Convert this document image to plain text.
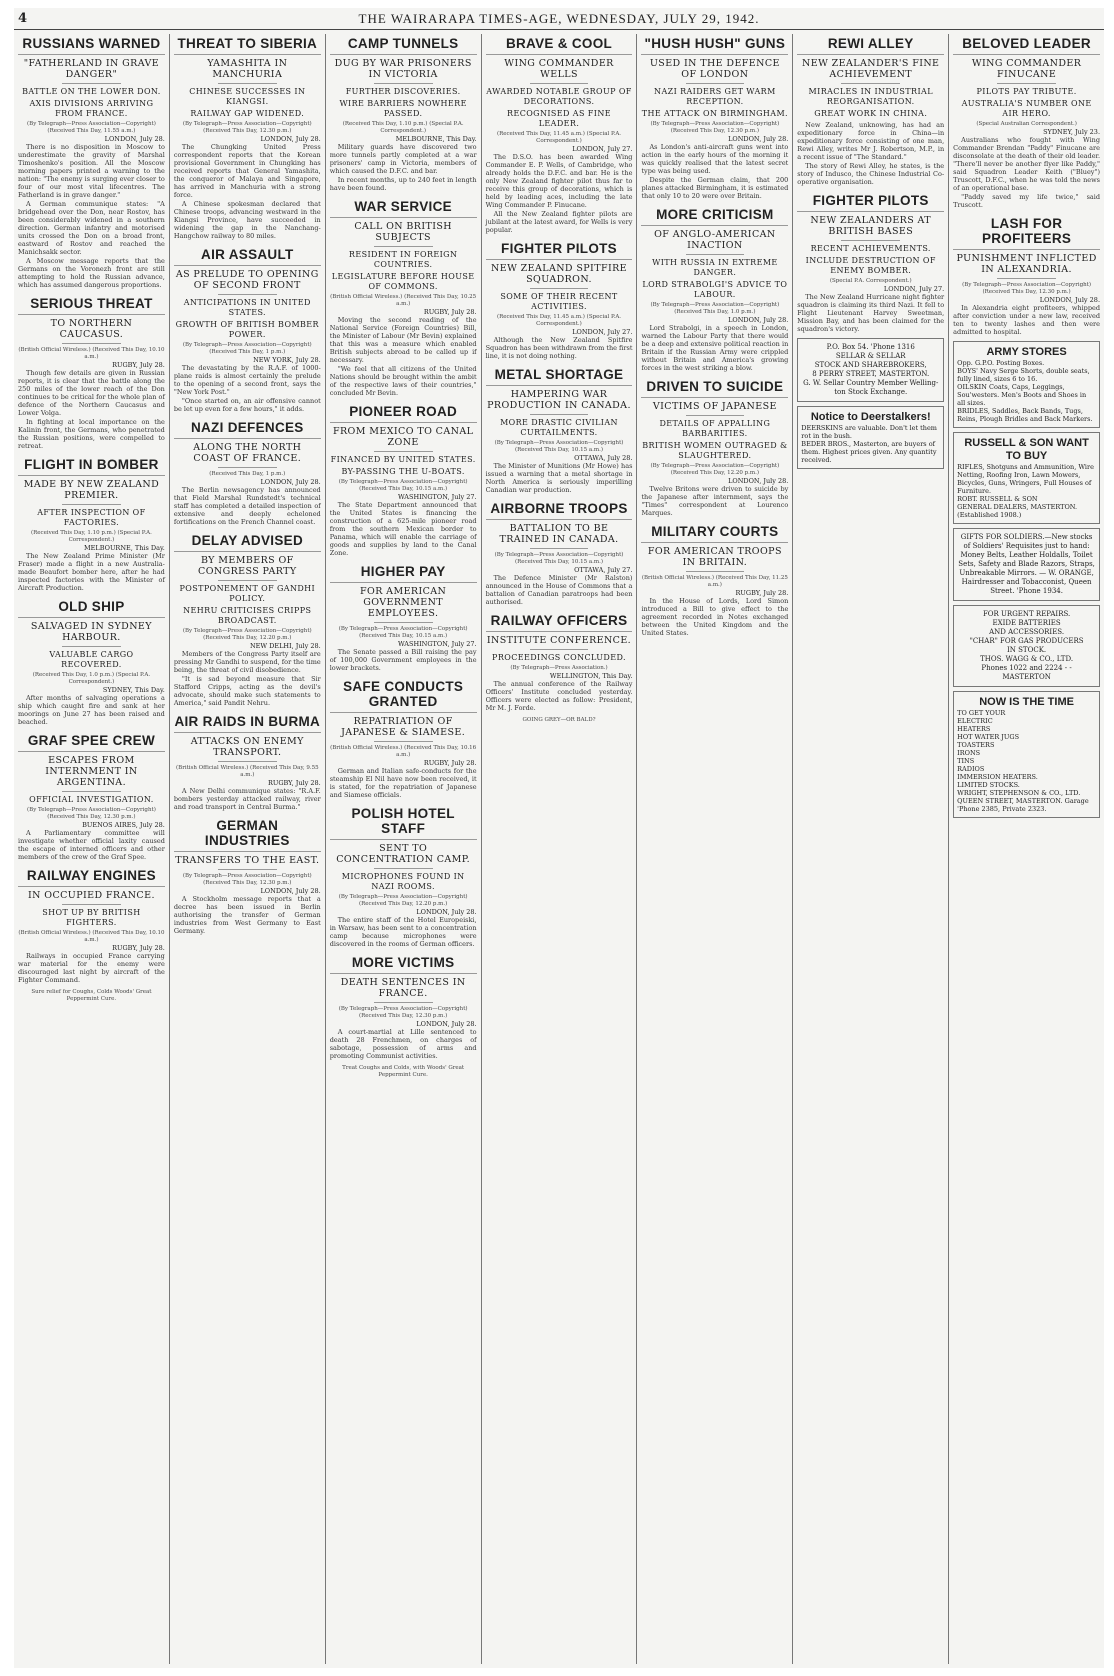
4	THE WAIRARAPA TIMES-AGE, WEDNESDAY, JULY 29, 1942.
RUSSIANS WARNED
"FATHERLAND IN GRAVE DANGER"
BATTLE ON THE LOWER DON.
AXIS DIVISIONS ARRIVING FROM FRANCE.
(By Telegraph—Press Association—Copyright) (Received This Day, 11.55 a.m.)
LONDON, July 28.

There is no disposition in Moscow to underestimate the gravity of Marshal Timoshenko's position. All the Moscow morning papers printed a warning to the nation: "The enemy is surging ever closer to four of our most vital lifecentres. The Fatherland is in grave danger."

A German communique states: "A bridgehead over the Don, near Rostov, has been considerably widened in a southern direction. German infantry and motorised units crossed the Don on a broad front, eastward of Rostov and reached the Manichsakk sector.

A Moscow message reports that the Germans on the Voronezh front are still attempting to hold the Russian advance, which has assumed dangerous proportions.

SERIOUS THREAT
TO NORTHERN CAUCASUS.
(British Official Wireless.) (Received This Day, 10.10 a.m.)
RUGBY, July 28.

Though few details are given in Russian reports, it is clear that the battle along the 250 miles of the lower reach of the Don continues to be critical for the whole plan of defence of the Northern Caucasus and Lower Volga.

In fighting at local importance on the Kalinin front, the Germans, who penetrated the Russian positions, were compelled to retreat.

FLIGHT IN BOMBER
MADE BY NEW ZEALAND PREMIER.
AFTER INSPECTION OF FACTORIES.
(Received This Day, 1.10 p.m.) (Special P.A. Correspondent.)
MELBOURNE, This Day.

The New Zealand Prime Minister (Mr Fraser) made a flight in a new Australia-made Beaufort bomber here, after he had inspected factories with the Minister of Aircraft Production.

OLD SHIP
SALVAGED IN SYDNEY HARBOUR.
VALUABLE CARGO RECOVERED.
(Received This Day, 1.0 p.m.) (Special P.A. Correspondent.)
SYDNEY, This Day.

After months of salvaging operations a ship which caught fire and sank at her moorings on June 27 has been raised and beached.

GRAF SPEE CREW
ESCAPES FROM INTERNMENT IN ARGENTINA.
OFFICIAL INVESTIGATION.
(By Telegraph—Press Association—Copyright) (Received This Day, 12.30 p.m.)
BUENOS AIRES, July 28.

A Parliamentary committee will investigate whether official laxity caused the escape of interned officers and other members of the crew of the Graf Spee.

RAILWAY ENGINES
IN OCCUPIED FRANCE.
SHOT UP BY BRITISH FIGHTERS.
(British Official Wireless.) (Received This Day, 10.10 a.m.)
RUGBY, July 28.

Railways in occupied France carrying war material for the enemy were discouraged last night by aircraft of the Fighter Command.

Sure relief for Coughs, Colds Woods' Great Peppermint Cure.
THREAT TO SIBERIA
YAMASHITA IN MANCHURIA
CHINESE SUCCESSES IN KIANGSI.
RAILWAY GAP WIDENED.
(By Telegraph—Press Association—Copyright) (Received This Day, 12.30 p.m.)
LONDON, July 28.

The Chungking United Press correspondent reports that the Korean provisional Government in Chungking has received reports that General Yamashita, the conqueror of Malaya and Singapore, has arrived in Manchuria with a strong force.

A Chinese spokesman declared that Chinese troops, advancing westward in the Kiangsi Province, have succeeded in widening the gap in the Nanchang-Hangchow railway to 80 miles.

AIR ASSAULT
AS PRELUDE TO OPENING OF SECOND FRONT
ANTICIPATIONS IN UNITED STATES.
GROWTH OF BRITISH BOMBER POWER.
(By Telegraph—Press Association—Copyright) (Received This Day, 1 p.m.)
NEW YORK, July 28.

The devastating by the R.A.F. of 1000-plane raids is almost certainly the prelude to the opening of a second front, says the "New York Post."

"Once started on, an air offensive cannot be let up even for a few hours," it adds.

NAZI DEFENCES
ALONG THE NORTH COAST OF FRANCE.
(Received This Day, 1 p.m.)
LONDON, July 28.

The Berlin newsagency has announced that Field Marshal Rundstedt's technical staff has completed a detailed inspection of extensive and deeply echeloned fortifications on the French Channel coast.

DELAY ADVISED
BY MEMBERS OF CONGRESS PARTY
POSTPONEMENT OF GANDHI POLICY.
NEHRU CRITICISES CRIPPS BROADCAST.
(By Telegraph—Press Association—Copyright) (Received This Day, 12.20 p.m.)
NEW DELHI, July 28.

Members of the Congress Party itself are pressing Mr Gandhi to suspend, for the time being, the threat of civil disobedience.

"It is sad beyond measure that Sir Stafford Cripps, acting as the devil's advocate, should make such statements to America," said Pandit Nehru.

AIR RAIDS IN BURMA
ATTACKS ON ENEMY TRANSPORT.
(British Official Wireless.) (Received This Day, 9.55 a.m.)
RUGBY, July 28.

A New Delhi communique states: "R.A.F. bombers yesterday attacked railway, river and road transport in Central Burma."

GERMAN INDUSTRIES
TRANSFERS TO THE EAST.
(By Telegraph—Press Association—Copyright) (Received This Day, 12.30 p.m.)
LONDON, July 28.

A Stockholm message reports that a decree has been issued in Berlin authorising the transfer of German industries from West Germany to East Germany.

CAMP TUNNELS
DUG BY WAR PRISONERS IN VICTORIA
FURTHER DISCOVERIES.
WIRE BARRIERS NOWHERE PASSED.
(Received This Day, 1.10 p.m.) (Special P.A. Correspondent.)
MELBOURNE, This Day.

Military guards have discovered two more tunnels partly completed at a war prisoners' camp in Victoria, members of which caused the D.F.C. and bar.

In recent months, up to 240 feet in length have been found.

WAR SERVICE
CALL ON BRITISH SUBJECTS
RESIDENT IN FOREIGN COUNTRIES.
LEGISLATURE BEFORE HOUSE OF COMMONS.
(British Official Wireless.) (Received This Day, 10.25 a.m.)
RUGBY, July 28.

Moving the second reading of the National Service (Foreign Countries) Bill, the Minister of Labour (Mr Bevin) explained that this was a measure which enabled British subjects abroad to be called up if necessary.

"We feel that all citizens of the United Nations should be brought within the ambit of the respective laws of their countries," concluded Mr Bevin.

PIONEER ROAD
FROM MEXICO TO CANAL ZONE
FINANCED BY UNITED STATES.
BY-PASSING THE U-BOATS.
(By Telegraph—Press Association—Copyright) (Received This Day, 10.15 a.m.)
WASHINGTON, July 27.

The State Department announced that the United States is financing the construction of a 625-mile pioneer road from the southern Mexican border to Panama, which will enable the carriage of goods and supplies by land to the Canal Zone.

HIGHER PAY
FOR AMERICAN GOVERNMENT EMPLOYEES.
(By Telegraph—Press Association—Copyright) (Received This Day, 10.15 a.m.)
WASHINGTON, July 27.

The Senate passed a Bill raising the pay of 100,000 Government employees in the lower brackets.

SAFE CONDUCTS GRANTED
REPATRIATION OF JAPANESE & SIAMESE.
(British Official Wireless.) (Received This Day, 10.16 a.m.)
RUGBY, July 28.

German and Italian safe-conducts for the steamship El Nil have now been received, it is stated, for the repatriation of Japanese and Siamese officials.

POLISH HOTEL STAFF
SENT TO CONCENTRATION CAMP.
MICROPHONES FOUND IN NAZI ROOMS.
(By Telegraph—Press Association—Copyright) (Received This Day, 12.20 p.m.)
LONDON, July 28.

The entire staff of the Hotel Europeiski, in Warsaw, has been sent to a concentration camp because microphones were discovered in the rooms of German officers.

MORE VICTIMS
DEATH SENTENCES IN FRANCE.
(By Telegraph—Press Association—Copyright) (Received This Day, 12.30 p.m.)
LONDON, July 28.

A court-martial at Lille sentenced to death 28 Frenchmen, on charges of sabotage, possession of arms and promoting Communist activities.

Treat Coughs and Colds, with Woods' Great Peppermint Cure.
BRAVE & COOL
WING COMMANDER WELLS
AWARDED NOTABLE GROUP OF DECORATIONS.
RECOGNISED AS FINE LEADER.
(Received This Day, 11.45 a.m.) (Special P.A. Correspondent.)
LONDON, July 27.

The D.S.O. has been awarded Wing Commander E. P. Wells, of Cambridge, who already holds the D.F.C. and bar. He is the only New Zealand fighter pilot thus far to receive this group of decorations, which is held by leading aces, including the late Wing Commander P. Finucane.

All the New Zealand fighter pilots are jubilant at the latest award, for Wells is very popular.

FIGHTER PILOTS
NEW ZEALAND SPITFIRE SQUADRON.
SOME OF THEIR RECENT ACTIVITIES.
(Received This Day, 11.45 a.m.) (Special P.A. Correspondent.)
LONDON, July 27.

Although the New Zealand Spitfire Squadron has been withdrawn from the first line, it is not doing nothing.

METAL SHORTAGE
HAMPERING WAR PRODUCTION IN CANADA.
MORE DRASTIC CIVILIAN CURTAILMENTS.
(By Telegraph—Press Association—Copyright) (Received This Day, 10.15 a.m.)
OTTAWA, July 28.

The Minister of Munitions (Mr Howe) has issued a warning that a metal shortage in North America is seriously imperilling Canadian war production.

AIRBORNE TROOPS
BATTALION TO BE TRAINED IN CANADA.
(By Telegraph—Press Association—Copyright) (Received This Day, 10.15 a.m.)
OTTAWA, July 27.

The Defence Minister (Mr Ralston) announced in the House of Commons that a battalion of Canadian paratroops had been authorised.

RAILWAY OFFICERS
INSTITUTE CONFERENCE.
PROCEEDINGS CONCLUDED.
(By Telegraph—Press Association.)
WELLINGTON, This Day.

The annual conference of the Railway Officers' Institute concluded yesterday. Officers were elected as follow: President, Mr M. J. Forde.

GOING GREY—OR BALD?
"HUSH HUSH" GUNS
USED IN THE DEFENCE OF LONDON
NAZI RAIDERS GET WARM RECEPTION.
THE ATTACK ON BIRMINGHAM.
(By Telegraph—Press Association—Copyright) (Received This Day, 12.30 p.m.)
LONDON, July 28.

As London's anti-aircraft guns went into action in the early hours of the morning it was quickly realised that the latest secret type was being used.

Despite the German claim, that 200 planes attacked Birmingham, it is estimated that only 10 to 20 were over Britain.

MORE CRITICISM
OF ANGLO-AMERICAN INACTION
WITH RUSSIA IN EXTREME DANGER.
LORD STRABOLGI'S ADVICE TO LABOUR.
(By Telegraph—Press Association—Copyright) (Received This Day, 1.0 p.m.)
LONDON, July 28.

Lord Strabolgi, in a speech in London, warned the Labour Party that there would be a deep and extensive political reaction in Britain if the Russian Army were crippled without Britain and America's growing forces in the west striking a blow.

DRIVEN TO SUICIDE
VICTIMS OF JAPANESE
DETAILS OF APPALLING BARBARITIES.
BRITISH WOMEN OUTRAGED & SLAUGHTERED.
(By Telegraph—Press Association—Copyright) (Received This Day, 12.20 p.m.)
LONDON, July 28.

Twelve Britons were driven to suicide by the Japanese after internment, says the "Times" correspondent at Lourenco Marques.

MILITARY COURTS
FOR AMERICAN TROOPS IN BRITAIN.
(British Official Wireless.) (Received This Day, 11.25 a.m.)
RUGBY, July 28.

In the House of Lords, Lord Simon introduced a Bill to give effect to the agreement recorded in Notes exchanged between the United Kingdom and the United States.

REWI ALLEY
NEW ZEALANDER'S FINE ACHIEVEMENT
MIRACLES IN INDUSTRIAL REORGANISATION.
GREAT WORK IN CHINA.

New Zealand, unknowing, has had an expeditionary force in China—in expeditionary force consisting of one man, Rewi Alley, writes Mr J. Robertson, M.P., in a recent issue of "The Standard."

The story of Rewi Alley, he states, is the story of Indusco, the Chinese Industrial Co-operative organisation.

FIGHTER PILOTS
NEW ZEALANDERS AT BRITISH BASES
RECENT ACHIEVEMENTS.
INCLUDE DESTRUCTION OF ENEMY BOMBER.
(Special P.A. Correspondent.)
LONDON, July 27.

The New Zealand Hurricane night fighter squadron is claiming its third Nazi. It fell to Flight Lieutenant Harvey Sweetman, Mission Bay, and has been claimed for the squadron's victory.

P.O. Box 54. 'Phone 1316
SELLAR & SELLAR
STOCK AND SHAREBROKERS,
8 PERRY STREET, MASTERTON.
G. W. Sellar Country Member Welling-
ton Stock Exchange.
Notice to Deerstalkers!
DEERSKINS are valuable. Don't let them rot in the bush.
BEDER BROS., Masterton, are buyers of them. Highest prices given. Any quantity received.
BELOVED LEADER
WING COMMANDER FINUCANE
PILOTS PAY TRIBUTE.
AUSTRALIA'S NUMBER ONE AIR HERO.
(Special Australian Correspondent.)
SYDNEY, July 23.

Australians who fought with Wing Commander Brendan "Paddy" Finucane are disconsolate at the death of their old leader. "There'll never be another flyer like Paddy," said Squadron Leader Keith ("Bluey") Truscott, D.F.C., when he was told the news of an operational base.

"Paddy saved my life twice," said Truscott.

LASH FOR PROFITEERS
PUNISHMENT INFLICTED IN ALEXANDRIA.
(By Telegraph—Press Association—Copyright) (Received This Day, 12.30 p.m.)
LONDON, July 28.

In Alexandria eight profiteers, whipped after conviction under a new law, received ten to twenty lashes and then were admitted to hospital.

ARMY STORES
Opp. G.P.O. Posting Boxes.
BOYS' Navy Serge Shorts, double seats, fully lined, sizes 6 to 16.
OILSKIN Coats, Caps, Leggings, Sou'westers. Men's Boots and Shoes in all sizes.
BRIDLES, Saddles, Back Bands, Tugs, Reins, Plough Bridles and Back Markers.
RUSSELL & SON WANT TO BUY
RIFLES, Shotguns and Ammunition, Wire Netting, Roofing Iron, Lawn Mowers, Bicycles, Guns, Wringers, Full Houses of Furniture.
ROBT. RUSSELL & SON
GENERAL DEALERS, MASTERTON. (Established 1908.)
GIFTS FOR SOLDIERS.—New stocks of Soldiers' Requisites just to hand: Money Belts, Leather Holdalls, Toilet Sets, Safety and Blade Razors, Straps, Unbreakable Mirrors. — W. ORANGE, Hairdresser and Tobacconist, Queen Street. 'Phone 1934.
FOR URGENT REPAIRS.
EXIDE BATTERIES
AND ACCESSORIES.
"CHAR" FOR GAS PRODUCERS
IN STOCK.
THOS. WAGG & CO., LTD.
Phones 1022 and 2224 - - MASTERTON
NOW IS THE TIME
TO GET YOUR
ELECTRIC
HEATERS
HOT WATER JUGS
TOASTERS
IRONS
TINS
RADIOS
IMMERSION HEATERS.
LIMITED STOCKS.
WRIGHT, STEPHENSON & CO., LTD.
QUEEN STREET, MASTERTON. Garage 'Phone 2385, Private 2323.
